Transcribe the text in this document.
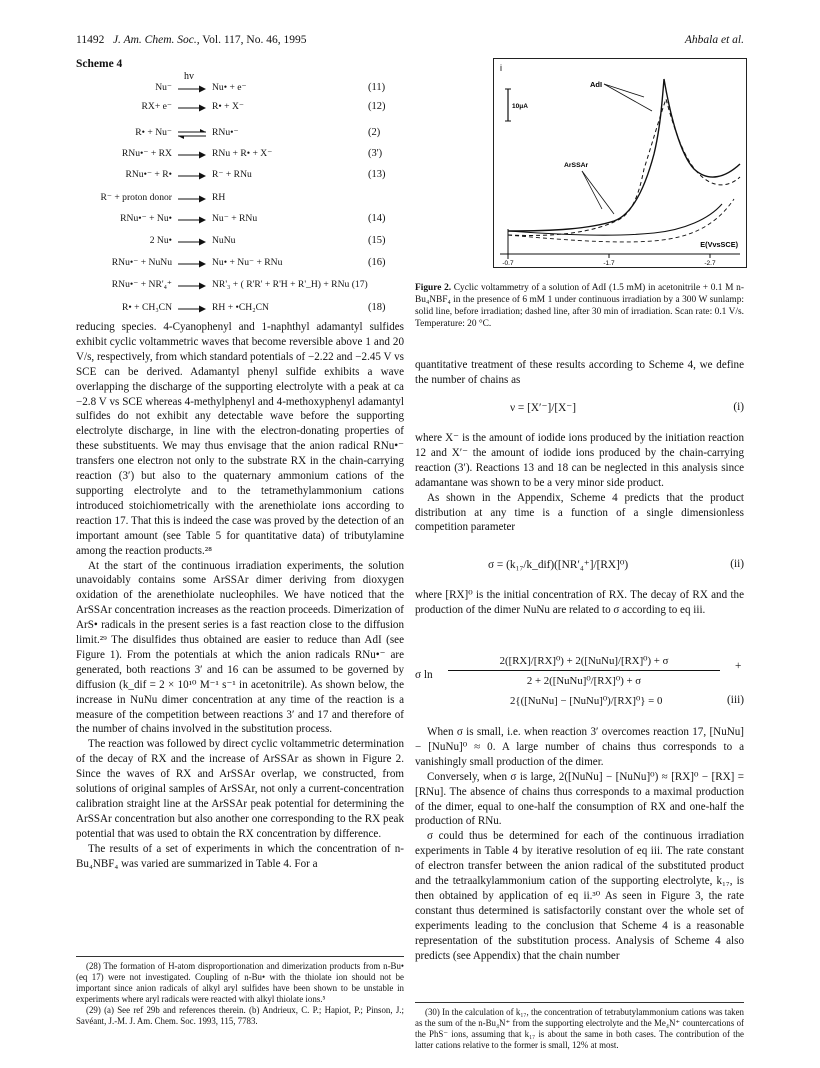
11492 J. Am. Chem. Soc., Vol. 117, No. 46, 1995	Ahbala et al.
Scheme 4
Nu⁻ → Nu• + e⁻	(11)
hv
RX+ e⁻ → R• + X⁻	(12)
R• + Nu⁻ ⇌ RNu•⁻	(2)
RNu•⁻ + RX → RNu + R• + X⁻	(3')
RNu•⁻ + R• → R⁻ + RNu	(13)
R⁻ + proton donor → RH
RNu•⁻ + Nu• → Nu⁻ + RNu	(14)
2 Nu• → NuNu	(15)
RNu•⁻ + NuNu → Nu• + Nu⁻ + RNu	(16)
RNu•⁻ + NR'₄⁺ → NR'₃ + ( R'R' + R'H + R'_H) + RNu (17)
R• + CH₃CN → RH + •CH₂CN	(18)

reducing species. 4-Cyanophenyl and 1-naphthyl adamantyl sulfides exhibit cyclic voltammetric waves that become reversible above 1 and 20 V/s, respectively, from which standard potentials of −2.22 and −2.45 V vs SCE can be derived. Adamantyl phenyl sulfide exhibits a wave overlapping the discharge of the supporting electrolyte with a peak at ca −2.8 V vs SCE whereas 4-methylphenyl and 4-methoxyphenyl adamantyl sulfides do not exhibit any detectable wave before the supporting electrolyte discharge, in line with the electron-donating properties of these substituents. We may thus envisage that the anion radical RNu•⁻ transfers one electron not only to the substrate RX in the chain-carrying reaction (3′) but also to the quaternary ammonium cations of the supporting electrolyte and to the tetramethylammonium cations introduced stoichiometrically with the arenethiolate ions according to reaction 17. That this is indeed the case was proved by the detection of an important amount (see Table 5 for quantitative data) of tributylamine among the reaction products.²⁸

At the start of the continuous irradiation experiments, the solution unavoidably contains some ArSSAr dimer deriving from dioxygen oxidation of the arenethiolate nucleophiles. We have noticed that the ArSSAr concentration increases as the reaction proceeds. Dimerization of ArS• radicals in the present series is a fast reaction close to the diffusion limit.²⁹ The disulfides thus obtained are easier to reduce than AdI (see Figure 1). From the potentials at which the anion radicals RNu•⁻ are generated, both reactions 3′ and 16 can be assumed to be governed by diffusion (k_dif = 2 × 10¹⁰ M⁻¹ s⁻¹ in acetonitrile). As shown below, the increase in NuNu dimer concentration at any time of the reaction is a measure of the competition between reactions 3′ and 17 and therefore of the number of chains involved in the substitution process.

The reaction was followed by direct cyclic voltammetric determination of the decay of RX and the increase of ArSSAr as shown in Figure 2. Since the waves of RX and ArSSAr overlap, we constructed, from solutions of original samples of ArSSAr, not only a current-concentration calibration straight line at the ArSSAr peak potential for determining the ArSSAr concentration but also another one corresponding to the RX peak potential that was used to obtain the RX concentration by difference.

The results of a set of experiments in which the concentration of n-Bu₄NBF₄ was varied are summarized in Table 4. For a

(28) The formation of H-atom disproportionation and dimerization products from n-Bu• (eq 17) were not investigated. Coupling of n-Bu• with the thiolate ion should not be important since anion radicals of alkyl aryl sulfides have been shown to be unstable in experiments where aryl radicals were reacted with alkyl thiolate ions.⁵

(29) (a) See ref 29b and references therein. (b) Andrieux, C. P.; Hapiot, P.; Pinson, J.; Savéant, J.-M. J. Am. Chem. Soc. 1993, 115, 7783.

i
10μA
AdI
ArSSAr
E(VvsSCE)
-0.7	-1.7	-2.7
Figure 2. Cyclic voltammetry of a solution of AdI (1.5 mM) in acetonitrile + 0.1 M n-Bu₄NBF₄ in the presence of 6 mM 1 under continuous irradiation by a 300 W sunlamp: solid line, before irradiation; dashed line, after 30 min of irradiation. Scan rate: 0.1 V/s. Temperature: 20 °C.

quantitative treatment of these results according to Scheme 4, we define the number of chains as

ν = [X′⁻]/[X⁻]	(i)

where X⁻ is the amount of iodide ions produced by the initiation reaction 12 and X′⁻ the amount of iodide ions produced by the chain-carrying reaction (3′). Reactions 13 and 18 can be neglected in this analysis since adamantane was shown to be a very minor side product.

As shown in the Appendix, Scheme 4 predicts that the product distribution at any time is a function of a single dimensionless competition parameter

σ = (k₁₇/k_dif)([NR′₄⁺]/[RX]⁰)	(ii)

where [RX]⁰ is the initial concentration of RX. The decay of RX and the production of the dimer NuNu are related to σ according to eq iii.

σ ln
2([RX]/[RX]⁰) + 2([NuNu]/[RX]⁰) + σ
2 + 2([NuNu]⁰/[RX]⁰) + σ
+
2{([NuNu] − [NuNu]⁰)/[RX]⁰} = 0	(iii)

When σ is small, i.e. when reaction 3′ overcomes reaction 17, [NuNu] − [NuNu]⁰ ≈ 0. A large number of chains thus corresponds to a vanishingly small production of the dimer.

Conversely, when σ is large, 2([NuNu] − [NuNu]⁰) ≈ [RX]⁰ − [RX] = [RNu]. The absence of chains thus corresponds to a maximal production of the dimer, equal to one-half the consumption of RX and one-half the production of RNu.

σ could thus be determined for each of the continuous irradiation experiments in Table 4 by iterative resolution of eq iii. The rate constant of electron transfer between the anion radical of the substituted product and the tetraalkylammonium cation of the supporting electrolyte, k₁₇, is then obtained by application of eq ii.³⁰ As seen in Figure 3, the rate constant thus determined is satisfactorily constant over the whole set of experiments leading to the conclusion that Scheme 4 is a reasonable representation of the substitution process. Analysis of Scheme 4 also predicts (see Appendix) that the chain number

(30) In the calculation of k₁₇, the concentration of tetrabutylammonium cations was taken as the sum of the n-Bu₄N⁺ from the supporting electrolyte and the Me₄N⁺ countercations of the PhS⁻ ions, assuming that k₁₇ is about the same in both cases. The contribution of the latter cations relative to the former is small, 12% at most.
